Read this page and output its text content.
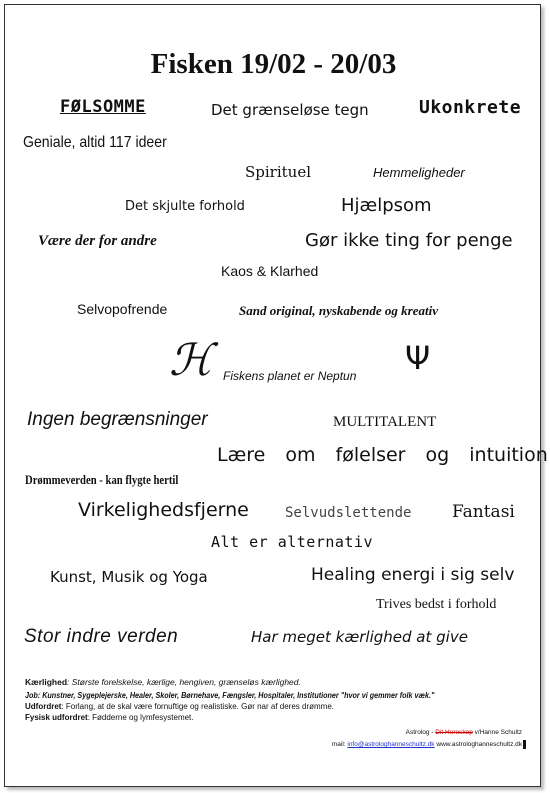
Fisken 19/02 - 20/03
FØLSOMME	Det grænseløse tegn	Ukonkrete
Geniale, altid 117 ideer
Spirituel	Hemmeligheder
Det skjulte forhold	Hjælpsom
Være der for andre	Gør ikke ting for penge
Kaos & Klarhed
Selvopofrende	Sand original, nyskabende og kreativ
ℋ Fiskens planet er Neptun Ψ
Ingen begrænsninger	MULTITALENT
Lære om følelser og intuition
Drømmeverden - kan flygte hertil
Virkelighedsfjerne	Selvudslettende Fantasi
Alt er alternativ
Kunst, Musik og Yoga	Healing energi i sig selv
Trives bedst i forhold
Stor indre verden	Har meget kærlighed at give
Kærlighed: Største forelskelse, kærlige, hengiven, grænseløs kærlighed.
Job: Kunstner, Sygeplejerske, Healer, Skoler, Børnehave, Fængsler, Hospitaler, Institutioner "hvor vi gemmer folk væk."
Udfordret: Forlang, at de skal være fornuftige og realistiske. Gør nar af deres drømme.
Fysisk udfordret: Fødderne og lymfesystemet.
Astrolog - Dit Horoskop v/Hanne Schultz
mail: info@astrologhanneschultz.dk www.astrologhanneschultz.dk
